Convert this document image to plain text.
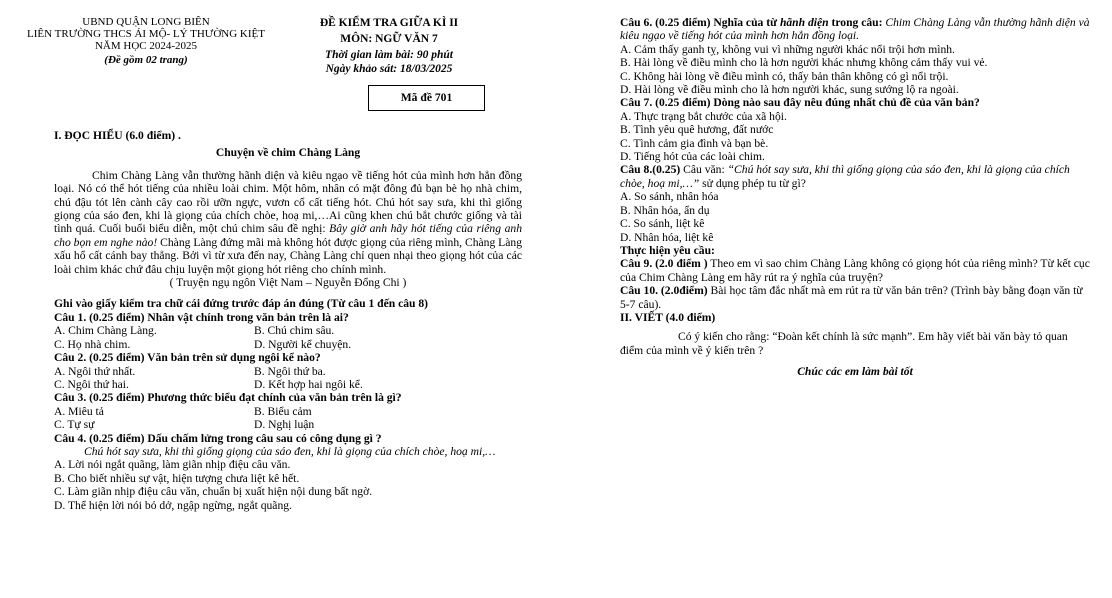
UBND QUẬN LONG BIÊN

LIÊN TRƯỜNG THCS ÁI MỘ- LÝ THƯỜNG KIỆT

NĂM HỌC 2024-2025

(Đề gồm 02 trang)

ĐỀ KIỂM TRA GIỮA KÌ II

MÔN: NGỮ VĂN 7

Thời gian làm bài: 90 phút

Ngày khảo sát: 18/03/2025

Mã đề 701

I. ĐỌC HIỂU (6.0 điểm) .

Chuyện về chim Chàng Làng

Chim Chàng Làng vẫn thường hãnh diện và kiêu ngạo về tiếng hót của mình hơn hẳn đồng loại. Nó có thể hót tiếng của nhiều loài chim. Một hôm, nhân có mặt đông đủ bạn bè họ nhà chim, chú đậu tót lên cành cây cao rồi ưỡn ngực, vươn cổ cất tiếng hót. Chú hót say sưa, khi thì giống giọng của sáo đen, khi là giọng của chích chòe, hoạ mi,…Ai cũng khen chú bắt chước giống và tài tình quá. Cuối buổi biểu diễn, một chú chim sâu đề nghị: Bây giờ anh hãy hót tiếng của riêng anh cho bọn em nghe nào! Chàng Làng đứng mãi mà không hót được giọng của riêng mình, Chàng Làng xấu hổ cất cánh bay thẳng. Bởi vì từ xưa đến nay, Chàng Làng chỉ quen nhại theo giọng hót của các loài chim khác chứ đâu chịu luyện một giọng hót riêng cho chính mình.

( Truyện ngụ ngôn Việt Nam – Nguyễn Đổng Chi )

Ghi vào giấy kiểm tra chữ cái đứng trước đáp án đúng (Từ câu 1 đến câu 8)

Câu 1. (0.25 điểm) Nhân vật chính trong văn bản trên là ai?

A. Chim Chàng Làng.	B. Chú chim sâu.
C. Họ nhà chim.	D. Người kể chuyện.

Câu 2. (0.25 điểm) Văn bản trên sử dụng ngôi kể nào?

A. Ngôi thứ nhất.	B. Ngôi thứ ba.
C. Ngôi thứ hai.	D. Kết hợp hai ngôi kể.

Câu 3. (0.25 điểm) Phương thức biểu đạt chính của văn bản trên là gì?

A. Miêu tả	B. Biểu cảm
C. Tự sự	D. Nghị luận

Câu 4. (0.25 điểm) Dấu chấm lửng trong câu sau có công dụng gì ?

Chú hót say sưa, khi thì giống giọng của sáo đen, khi là giọng của chích chòe, hoạ mi,…

A. Lời nói ngắt quãng, làm giãn nhịp điệu câu văn.

B. Cho biết nhiều sự vật, hiện tượng chưa liệt kê hết.

C. Làm giãn nhịp điệu câu văn, chuẩn bị xuất hiện nội dung bất ngờ.

D. Thể hiện lời nói bỏ dở, ngập ngừng, ngắt quãng.

Câu 6. (0.25 điểm) Nghĩa của từ hãnh diện trong câu: Chim Chàng Làng vẫn thường hãnh diện và kiêu ngạo về tiếng hót của mình hơn hẳn đồng loại.

A. Cảm thấy ganh tỵ, không vui vì những người khác nổi trội hơn mình.

B. Hài lòng về điều mình cho là hơn người khác nhưng không cảm thấy vui vẻ.

C. Không hài lòng về điều mình có, thấy bản thân không có gì nổi trội.

D. Hài lòng về điều mình cho là hơn người khác, sung sướng lộ ra ngoài.

Câu 7. (0.25 điểm) Dòng nào sau đây nêu đúng nhất chủ đề của văn bản?

A. Thực trạng bắt chước của xã hội.

B. Tình yêu quê hương, đất nước

C. Tình cảm gia đình và bạn bè.

D. Tiếng hót của các loài chim.

Câu 8.(0.25) Câu văn: “Chú hót say sưa, khi thì giống giọng của sáo đen, khi là giọng của chích chòe, hoạ mi,…” sử dụng phép tu từ gì?

A. So sánh, nhân hóa

B. Nhân hóa, ẩn dụ

C. So sánh, liệt kê

D. Nhân hóa, liệt kê

Thực hiện yêu cầu:

Câu 9. (2.0 điểm ) Theo em vì sao chim Chàng Làng không có giọng hót của riêng mình? Từ kết cục của Chim Chàng Làng em hãy rút ra ý nghĩa của truyện?

Câu 10. (2.0điểm) Bài học tâm đắc nhất mà em rút ra từ văn bản trên? (Trình bày bằng đoạn văn từ 5-7 câu).

II. VIẾT (4.0 điểm)

Có ý kiến cho rằng: “Đoàn kết chính là sức mạnh”. Em hãy viết bài văn bày tỏ quan điểm của mình về ý kiến trên ?

Chúc các em làm bài tốt
